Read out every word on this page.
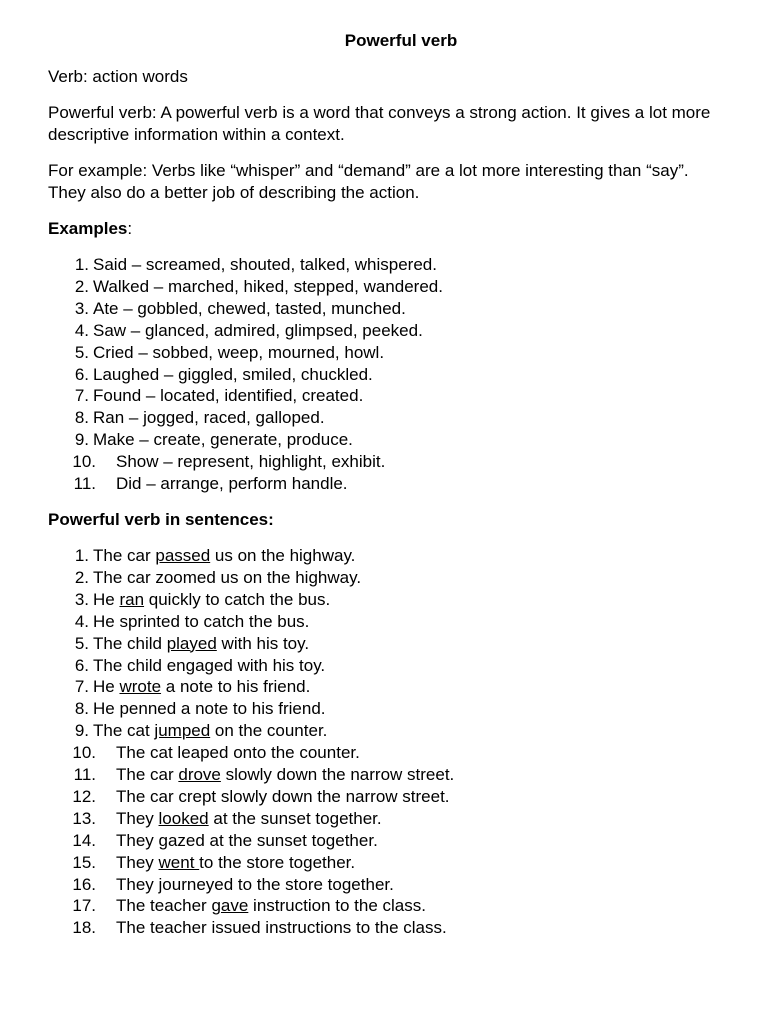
Powerful verb
Verb: action words
Powerful verb: A powerful verb is a word that conveys a strong action. It gives a lot more descriptive information within a context.
For example: Verbs like “whisper” and “demand” are a lot more interesting than “say”. They also do a better job of describing the action.
Examples:
1. Said – screamed, shouted, talked, whispered.
2. Walked – marched, hiked, stepped, wandered.
3. Ate – gobbled, chewed, tasted, munched.
4. Saw – glanced, admired, glimpsed, peeked.
5. Cried – sobbed, weep, mourned, howl.
6. Laughed – giggled, smiled, chuckled.
7. Found – located, identified, created.
8. Ran – jogged, raced, galloped.
9. Make – create, generate, produce.
10. Show – represent, highlight, exhibit.
11. Did – arrange, perform handle.
Powerful verb in sentences:
1. The car passed us on the highway.
2. The car zoomed us on the highway.
3. He ran quickly to catch the bus.
4. He sprinted to catch the bus.
5. The child played with his toy.
6. The child engaged with his toy.
7. He wrote a note to his friend.
8. He penned a note to his friend.
9. The cat jumped on the counter.
10. The cat leaped onto the counter.
11. The car drove slowly down the narrow street.
12. The car crept slowly down the narrow street.
13. They looked at the sunset together.
14. They gazed at the sunset together.
15. They went to the store together.
16. They journeyed to the store together.
17. The teacher gave instruction to the class.
18. The teacher issued instructions to the class.
